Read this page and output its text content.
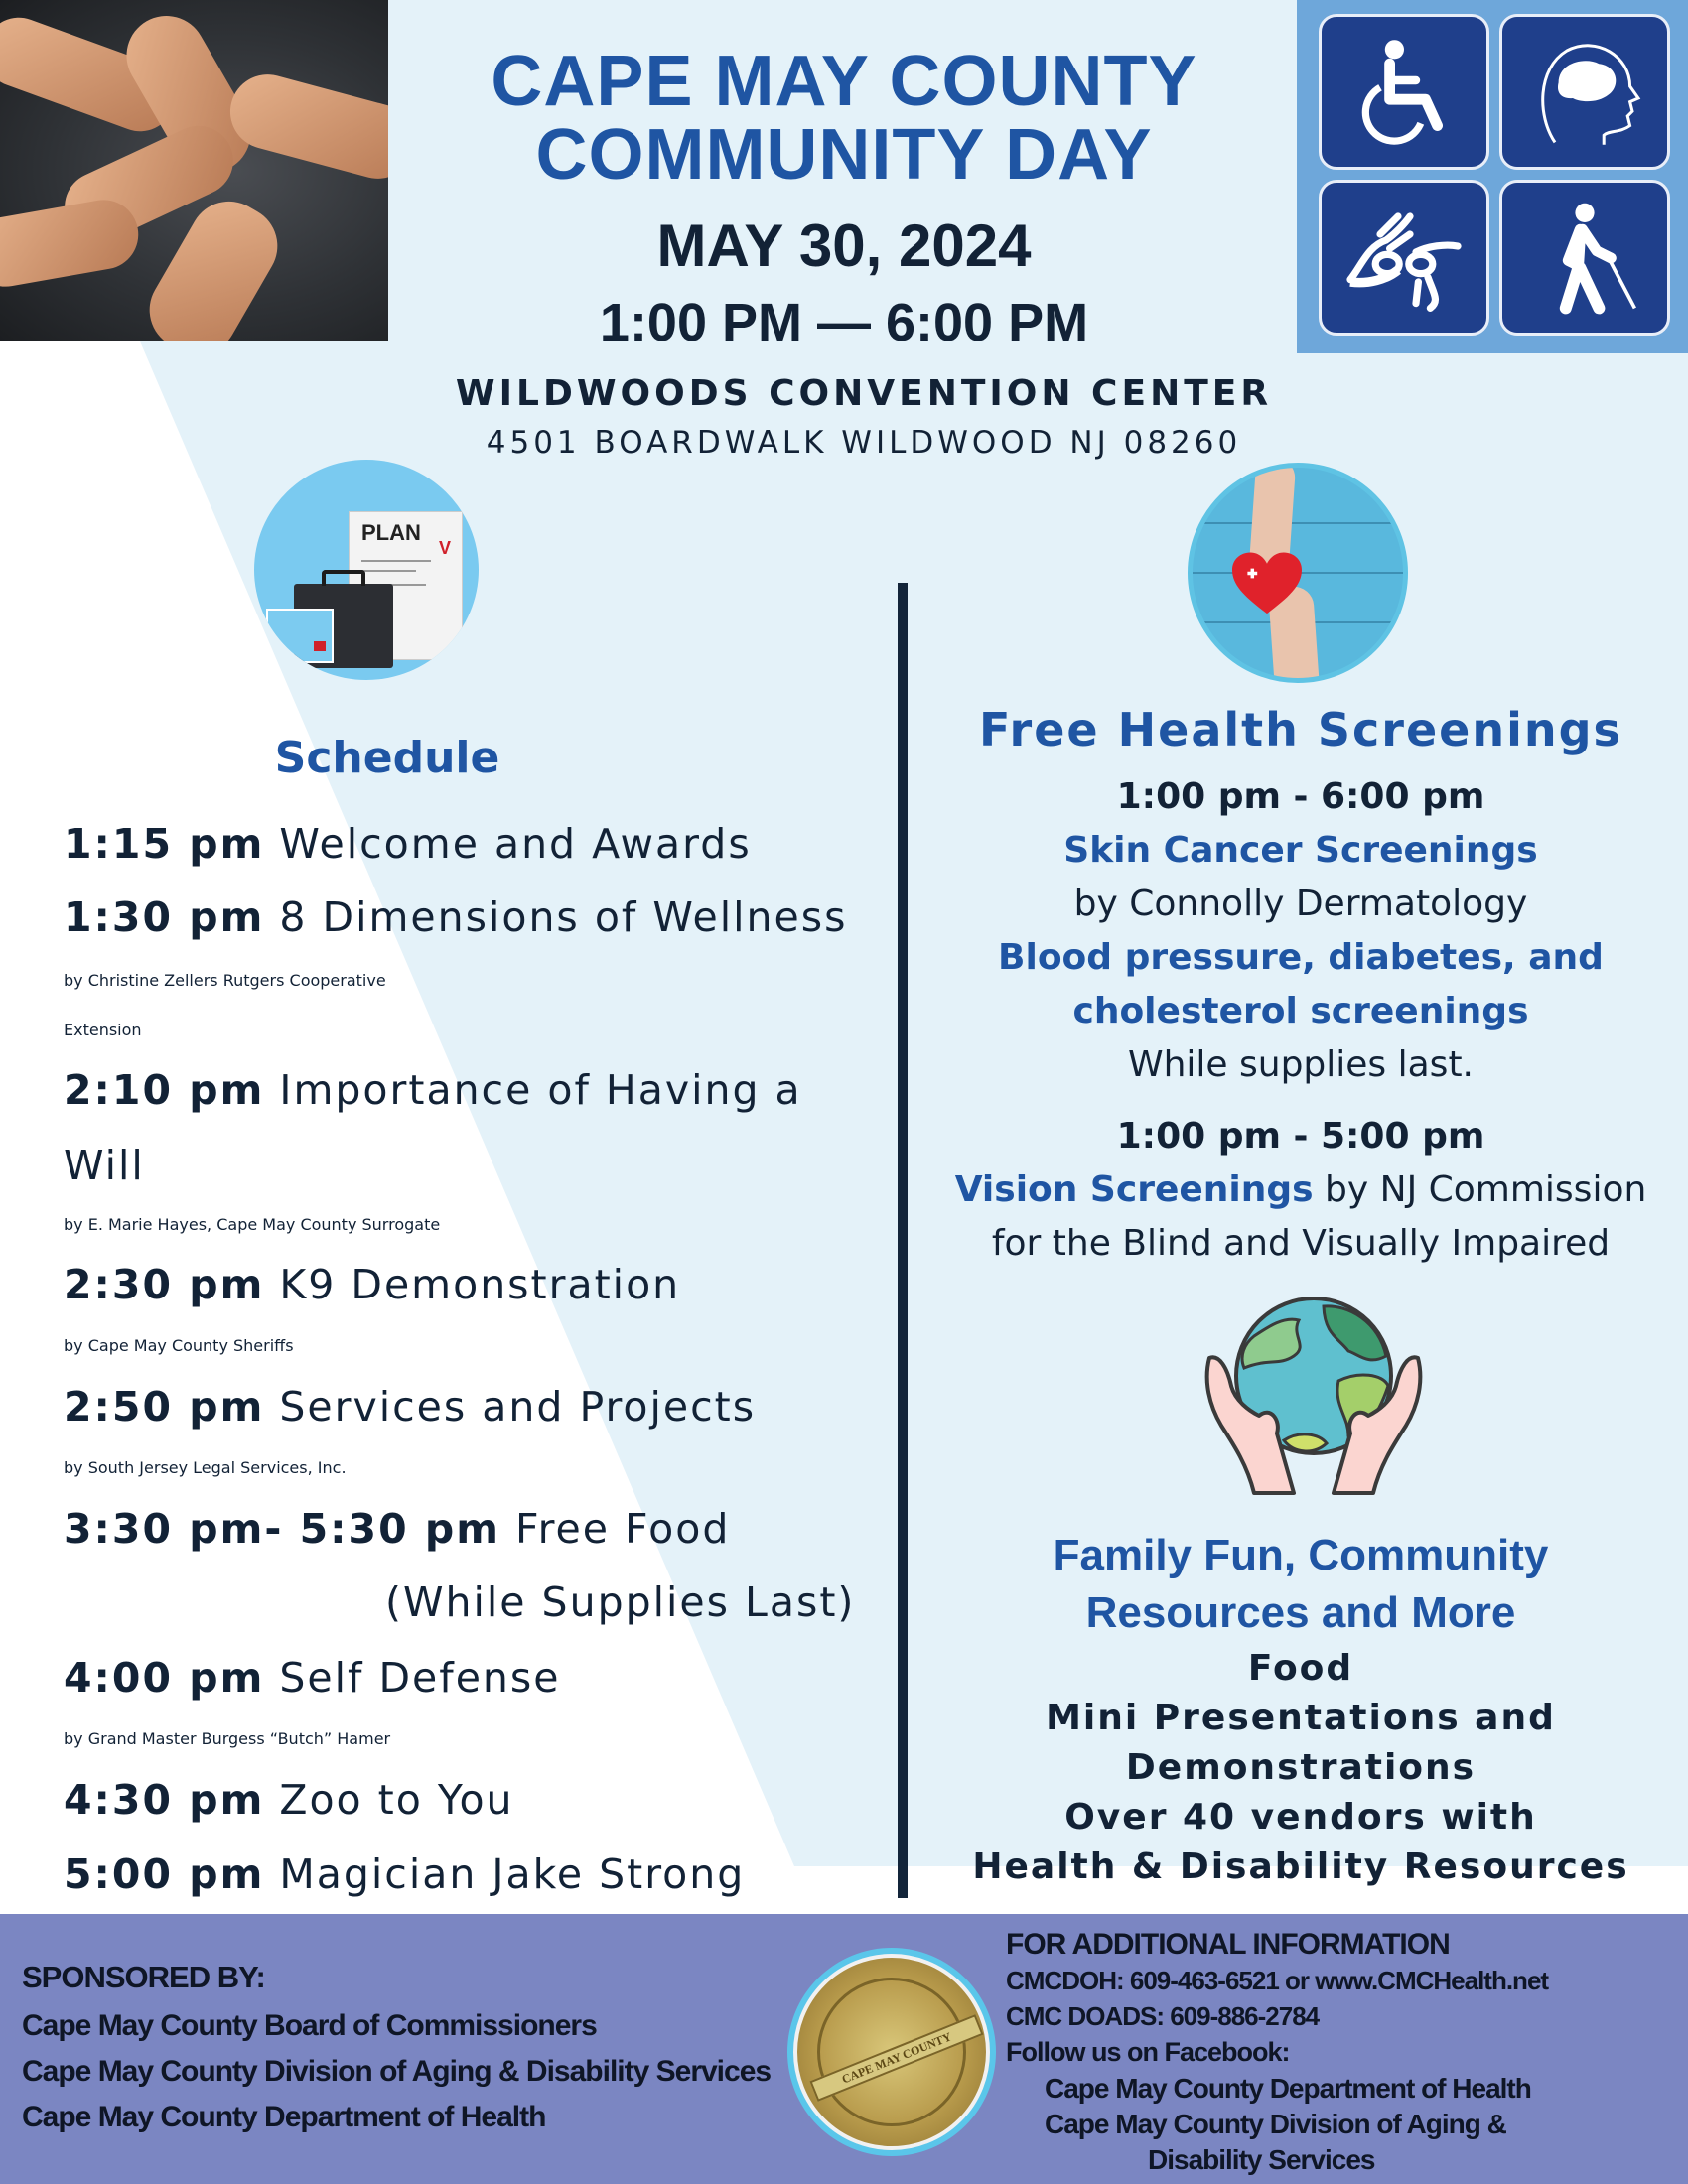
CAPE MAY COUNTY
COMMUNITY DAY
MAY 30, 2024
1:00 PM — 6:00 PM
WILDWOODS CONVENTION CENTER
4501 BOARDWALK WILDWOOD NJ 08260
PLAN
V
Schedule
1:15 pm Welcome and Awards
1:30 pm 8 Dimensions of Wellness
by Christine Zellers Rutgers Cooperative
Extension
2:10 pm Importance of Having a
Will
by E. Marie Hayes, Cape May County Surrogate
2:30 pm K9 Demonstration
by Cape May County Sheriffs
2:50 pm Services and Projects
by South Jersey Legal Services, Inc.
3:30 pm- 5:30 pm Free Food
(While Supplies Last)
4:00 pm Self Defense
by Grand Master Burgess “Butch” Hamer
4:30 pm Zoo to You
5:00 pm Magician Jake Strong
Free Health Screenings
1:00 pm - 6:00 pm
Skin Cancer Screenings
by Connolly Dermatology
Blood pressure, diabetes, and
cholesterol screenings
While supplies last.
1:00 pm - 5:00 pm
Vision Screenings by NJ Commission
for the Blind and Visually Impaired
Family Fun, Community
Resources and More
Food
Mini Presentations and
Demonstrations
Over 40 vendors with
Health & Disability Resources
SPONSORED BY:
Cape May County Board of Commissioners
Cape May County Division of Aging & Disability Services
Cape May County Department of Health
FOR ADDITIONAL INFORMATION
CMCDOH: 609-463-6521 or www.CMCHealth.net
CMC DOADS: 609-886-2784
Follow us on Facebook:
Cape May County Department of Health
Cape May County Division of Aging &
Disability Services
CAPE MAY COUNTY
